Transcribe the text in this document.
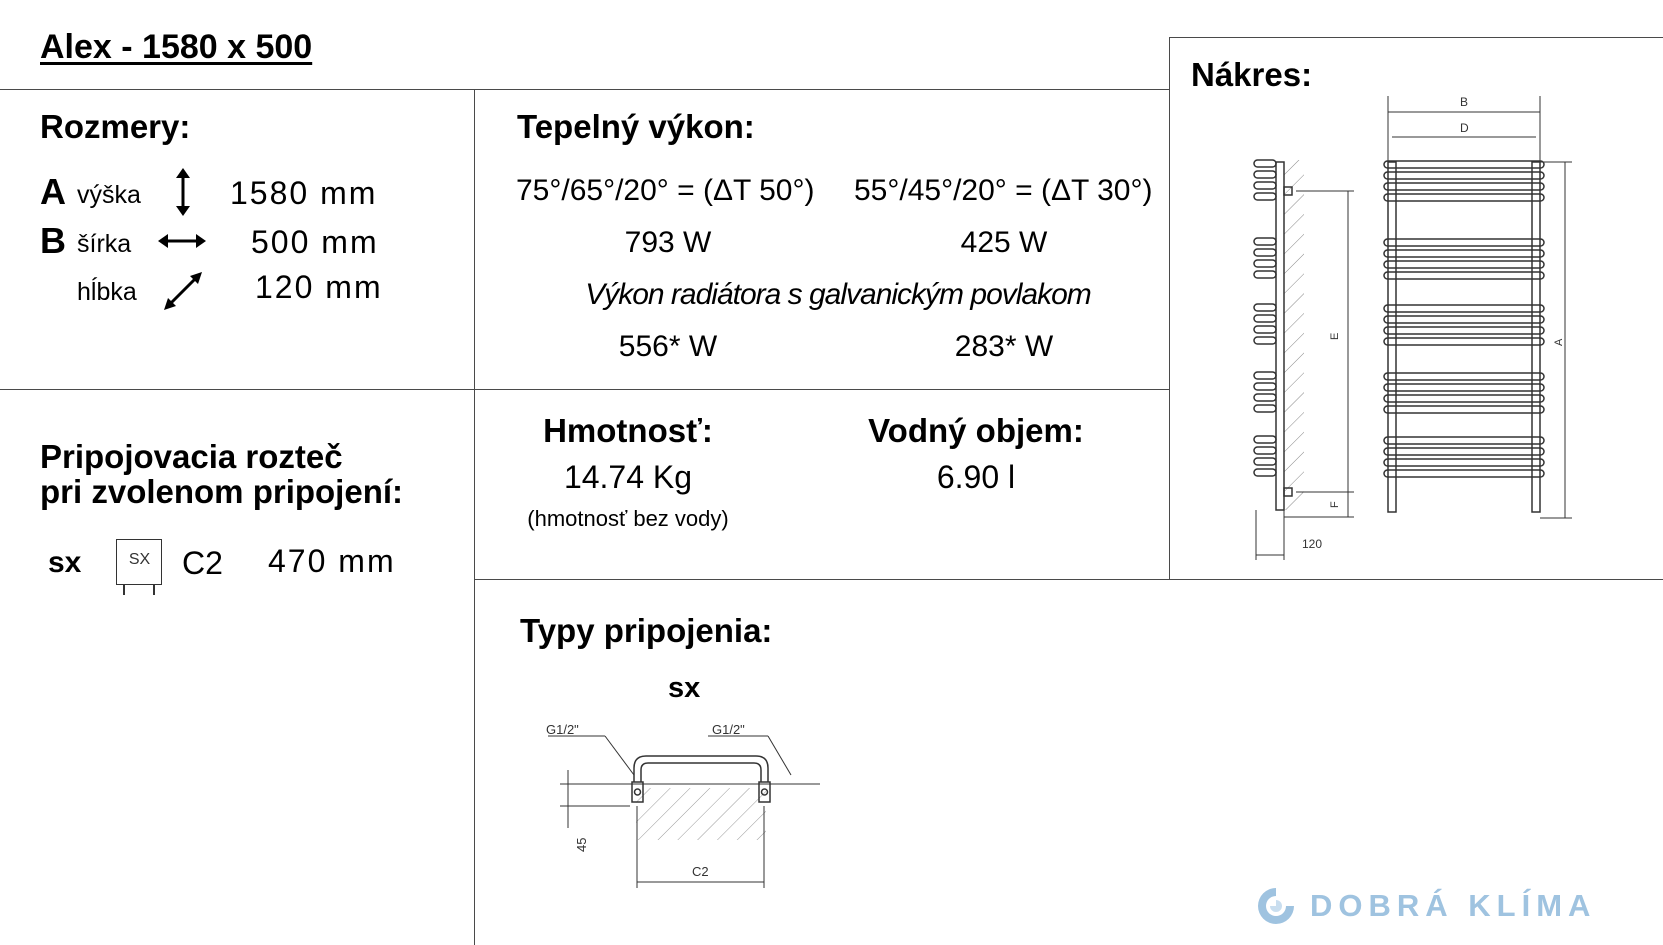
Alex - 1580 x 500
Rozmery:
A výška	1580 mm
B šírka	500 mm
hĺbka	120 mm
Tepelný výkon:
75°/65°/20° = (ΔT 50°) 55°/45°/20° = (ΔT 30°)
793 W	425 W
Výkon radiátora s galvanickým povlakom
556* W	283* W
Pripojovacia rozteč
pri zvolenom pripojení:
sx	SX C2 470 mm
Hmotnosť:
14.74 Kg
(hmotnosť bez vody)
Vodný objem:
6.90 l
Nákres:
E
F
120
B
D
A
Typy pripojenia:
sx
G1/2"	G1/2"
45
C2
DOBRÁ KLÍMA
